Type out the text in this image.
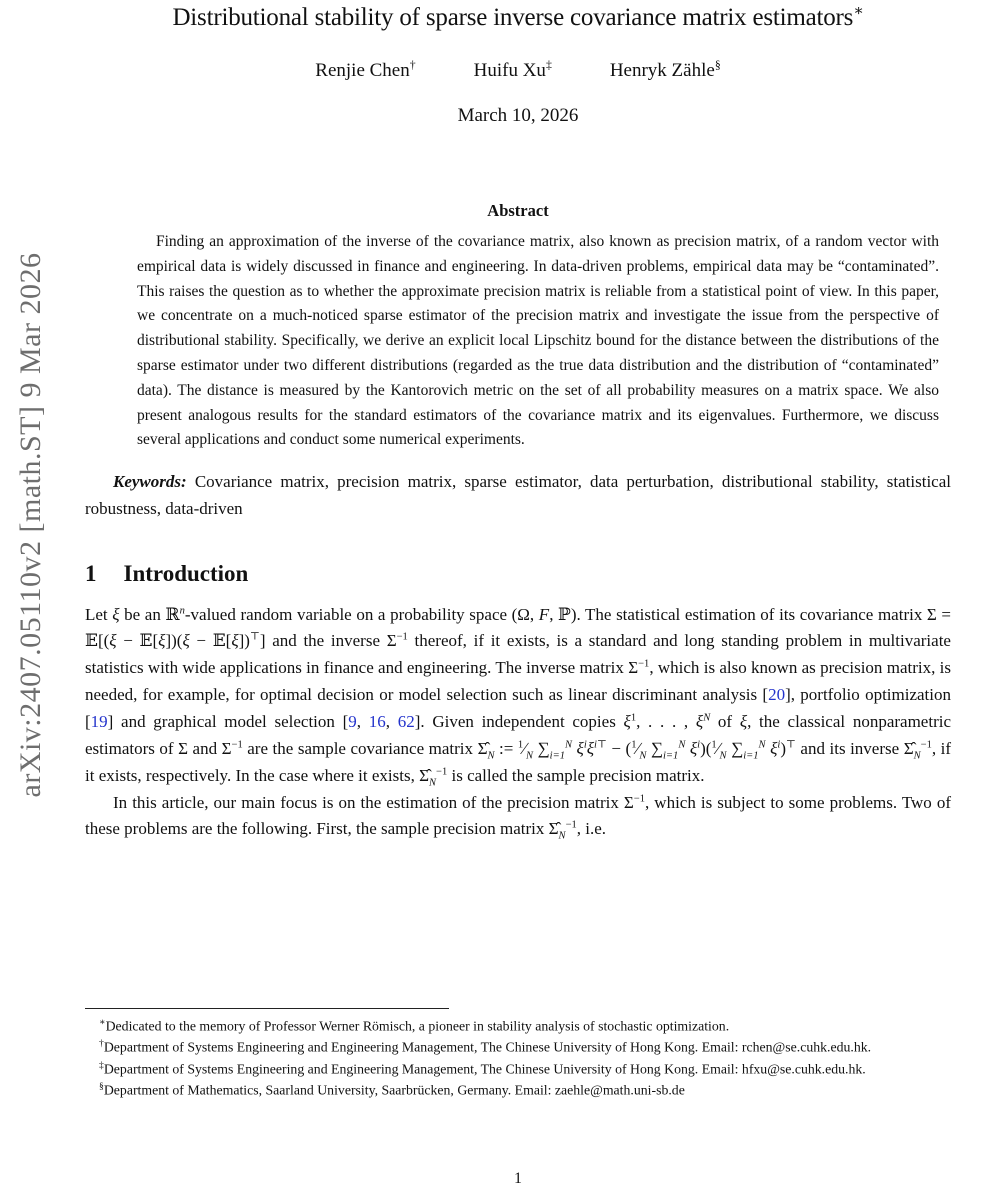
arXiv:2407.05110v2 [math.ST] 9 Mar 2026
Distributional stability of sparse inverse covariance matrix estimators∗
Renjie Chen†	Huifu Xu‡	Henryk Zähle§
March 10, 2026
Abstract

Finding an approximation of the inverse of the covariance matrix, also known as precision matrix, of a random vector with empirical data is widely discussed in finance and engineering. In data-driven problems, empirical data may be “contaminated”. This raises the question as to whether the approximate precision matrix is reliable from a statistical point of view. In this paper, we concentrate on a much-noticed sparse estimator of the precision matrix and investigate the issue from the perspective of distributional stability. Specifically, we derive an explicit local Lipschitz bound for the distance between the distributions of the sparse estimator under two different distributions (regarded as the true data distribution and the distribution of “contaminated” data). The distance is measured by the Kantorovich metric on the set of all probability measures on a matrix space. We also present analogous results for the standard estimators of the covariance matrix and its eigenvalues. Furthermore, we discuss several applications and conduct some numerical experiments.

Keywords: Covariance matrix, precision matrix, sparse estimator, data perturbation, distributional stability, statistical robustness, data-driven

1 Introduction

Let ξ be an ℝ$^n$-valued random variable on a probability space (Ω, F, ℙ). The statistical estimation of its covariance matrix Σ = 𝔼[(ξ − 𝔼[ξ])(ξ − 𝔼[ξ])⊤] and the inverse $\Sigma^{-1}$ thereof, if it exists, is a standard and long standing problem in multivariate statistics with wide applications in finance and engineering. The inverse matrix $\Sigma^{-1}$, which is also known as precision matrix, is needed, for example, for optimal decision or model selection such as linear discriminant analysis [20], portfolio optimization [19] and graphical model selection [9, 16, 62]. Given independent copies $\xi^1$, . . . , $\xi^N$ of ξ, the classical nonparametric estimators of Σ and $\Sigma^{-1}$ are the sample covariance matrix $\Sigmâ_N$ := $^1∕_N$ $\sum_{i=1}^N$ $\xi^i\xi^{i⊤}$ − ($^1∕_N$ $\sum_{i=1}^N$ $\xi^i)(^1∕_N$ $\sum_{i=1}^N$ $\xi^i)^⊤$ and its inverse $\Sigmâ_N^{-1}$, if it exists, respectively. In the case where it exists, $\Sigmâ_N^{-1}$ is called the sample precision matrix.

In this article, our main focus is on the estimation of the precision matrix $\Sigma^{-1}$, which is subject to some problems. Two of these problems are the following. First, the sample precision matrix $\Sigmâ_N^{-1}$, i.e.

∗Dedicated to the memory of Professor Werner Römisch, a pioneer in stability analysis of stochastic optimization.

†Department of Systems Engineering and Engineering Management, The Chinese University of Hong Kong. Email: rchen@se.cuhk.edu.hk.

‡Department of Systems Engineering and Engineering Management, The Chinese University of Hong Kong. Email: hfxu@se.cuhk.edu.hk.

§Department of Mathematics, Saarland University, Saarbrücken, Germany. Email: zaehle@math.uni-sb.de

1
